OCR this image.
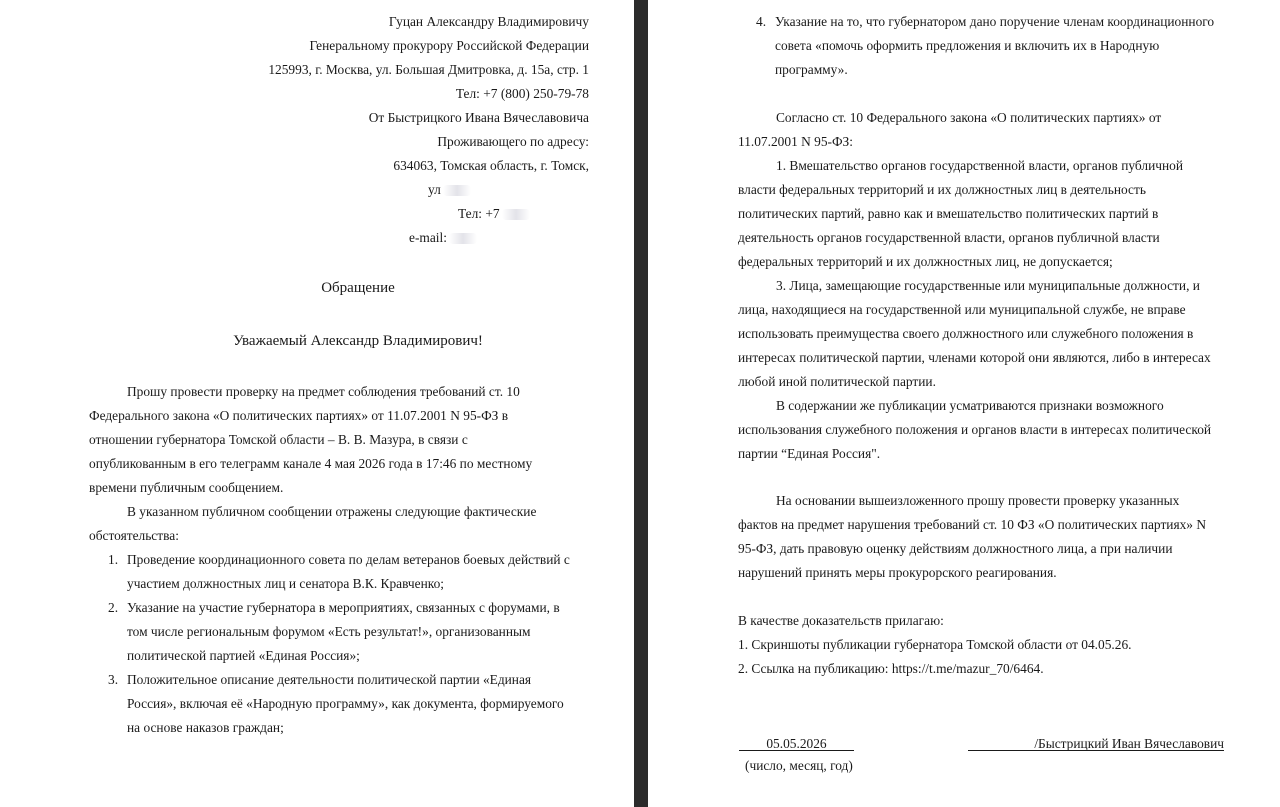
Гуцан Александру Владимировичу
Генеральному прокурору Российской Федерации
125993, г. Москва, ул. Большая Дмитровка, д. 15а, стр. 1
Тел: +7 (800) 250-79-78
От Быстрицкого Ивана Вячеславовича
Проживающего по адресу:
634063, Томская область, г. Томск,
ул
Тел: +7
e-mail:
Обращение
Уважаемый Александр Владимирович!
Прошу провести проверку на предмет соблюдения требований ст. 10
Федерального закона «О политических партиях» от 11.07.2001 N 95-ФЗ в
отношении губернатора Томской области – В. В. Мазура, в связи с
опубликованным в его телеграмм канале 4 мая 2026 года в 17:46 по местному
времени публичным сообщением.
В указанном публичном сообщении отражены следующие фактические
обстоятельства:
1. Проведение координационного совета по делам ветеранов боевых действий с
участием должностных лиц и сенатора В.К. Кравченко;
2. Указание на участие губернатора в мероприятиях, связанных с форумами, в
том числе региональным форумом «Есть результат!», организованным
политической партией «Единая Россия»;
3. Положительное описание деятельности политической партии «Единая
Россия», включая её «Народную программу», как документа, формируемого
на основе наказов граждан;
4. Указание на то, что губернатором дано поручение членам координационного
совета «помочь оформить предложения и включить их в Народную
программу».
Согласно ст. 10 Федерального закона «О политических партиях» от
11.07.2001 N 95-ФЗ:
1. Вмешательство органов государственной власти, органов публичной
власти федеральных территорий и их должностных лиц в деятельность
политических партий, равно как и вмешательство политических партий в
деятельность органов государственной власти, органов публичной власти
федеральных территорий и их должностных лиц, не допускается;
3. Лица, замещающие государственные или муниципальные должности, и
лица, находящиеся на государственной или муниципальной службе, не вправе
использовать преимущества своего должностного или служебного положения в
интересах политической партии, членами которой они являются, либо в интересах
любой иной политической партии.
В содержании же публикации усматриваются признаки возможного
использования служебного положения и органов власти в интересах политической
партии “Единая Россия".
На основании вышеизложенного прошу провести проверку указанных
фактов на предмет нарушения требований ст. 10 ФЗ «О политических партиях» N
95-ФЗ, дать правовую оценку действиям должностного лица, а при наличии
нарушений принять меры прокурорского реагирования.
В качестве доказательств прилагаю:
1. Скриншоты публикации губернатора Томской области от 04.05.26.
2. Ссылка на публикацию: https://t.me/mazur_70/6464.
05.05.2026
(число, месяц, год)
/Быстрицкий Иван Вячеславович
